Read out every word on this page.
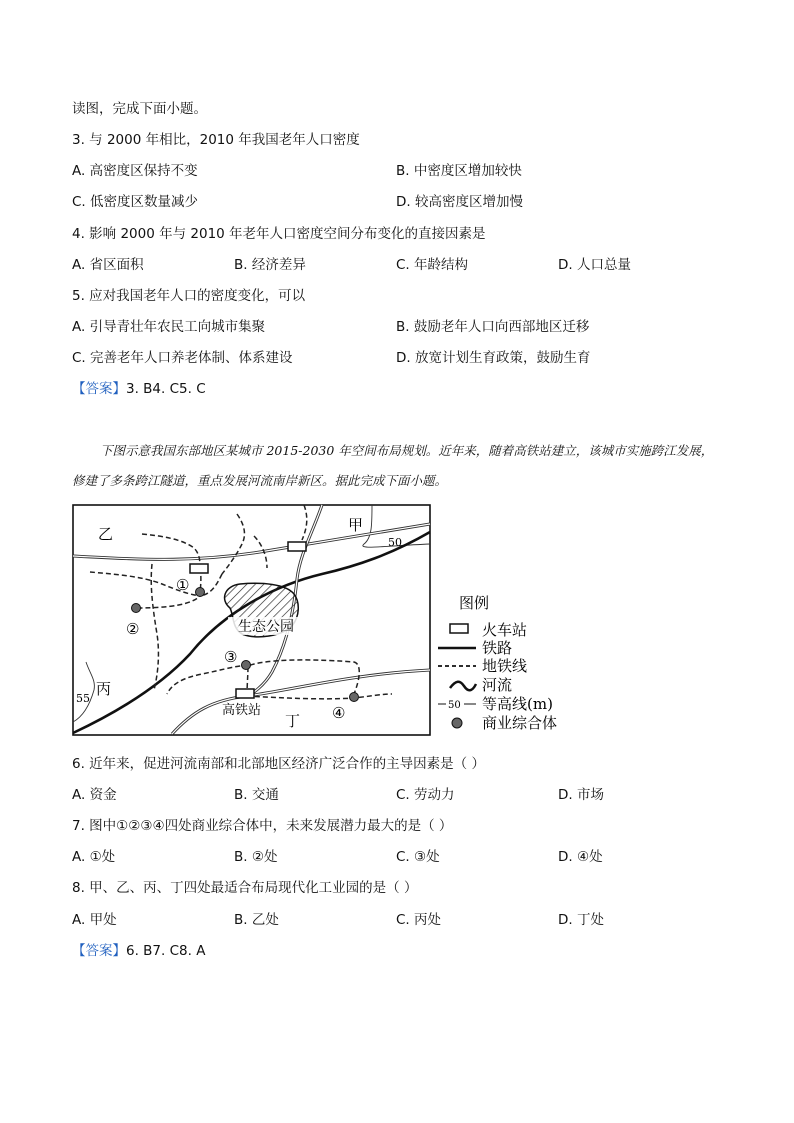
读图，完成下面小题。
3. 与 2000 年相比，2010 年我国老年人口密度
A. 高密度区保持不变	B. 中密度区增加较快
C. 低密度区数量减少	D. 较高密度区增加慢
4. 影响 2000 年与 2010 年老年人口密度空间分布变化的直接因素是
A. 省区面积	B. 经济差异	C. 年龄结构	D. 人口总量
5. 应对我国老年人口的密度变化，可以
A. 引导青壮年农民工向城市集聚	B. 鼓励老年人口向西部地区迁移
C. 完善老年人口养老体制、体系建设	D. 放宽计划生育政策，鼓励生育
【答案】3. B4. C5. C
下图示意我国东部地区某城市 2015-2030 年空间布局规划。近年来，随着高铁站建立，该城市实施跨江发展，修建了多条跨江隧道，重点发展河流南岸新区。据此完成下面小题。
生态公园
乙	甲
丙
丁
50
55
高铁站
①
②
③
④
图例
火车站
铁路
地铁线
河流
50 等高线(m)
商业综合体
6. 近年来，促进河流南部和北部地区经济广泛合作的主导因素是（ ）
A. 资金	B. 交通	C. 劳动力	D. 市场
7. 图中①②③④四处商业综合体中，未来发展潜力最大的是（ ）
A. ①处	B. ②处	C. ③处	D. ④处
8. 甲、乙、丙、丁四处最适合布局现代化工业园的是（ ）
A. 甲处	B. 乙处	C. 丙处	D. 丁处
【答案】6. B7. C8. A
